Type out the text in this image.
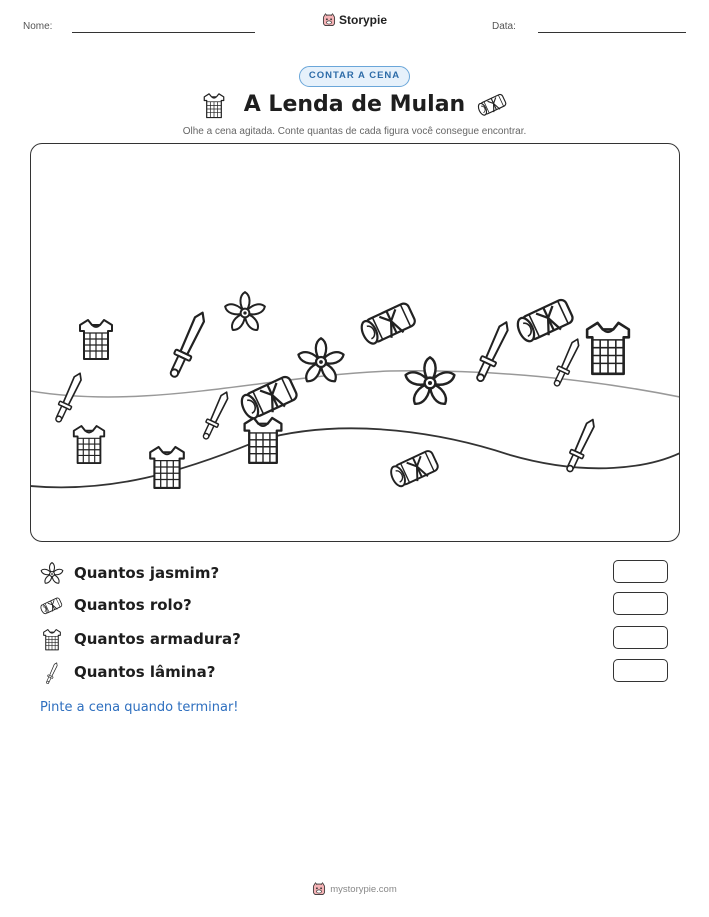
Nome:	Data:
Storypie
CONTAR A CENA
A Lenda de Mulan
Olhe a cena agitada. Conte quantas de cada figura você consegue encontrar.
Quantos jasmim?
Quantos rolo?
Quantos armadura?
Quantos lâmina?
Pinte a cena quando terminar!
mystorypie.com
